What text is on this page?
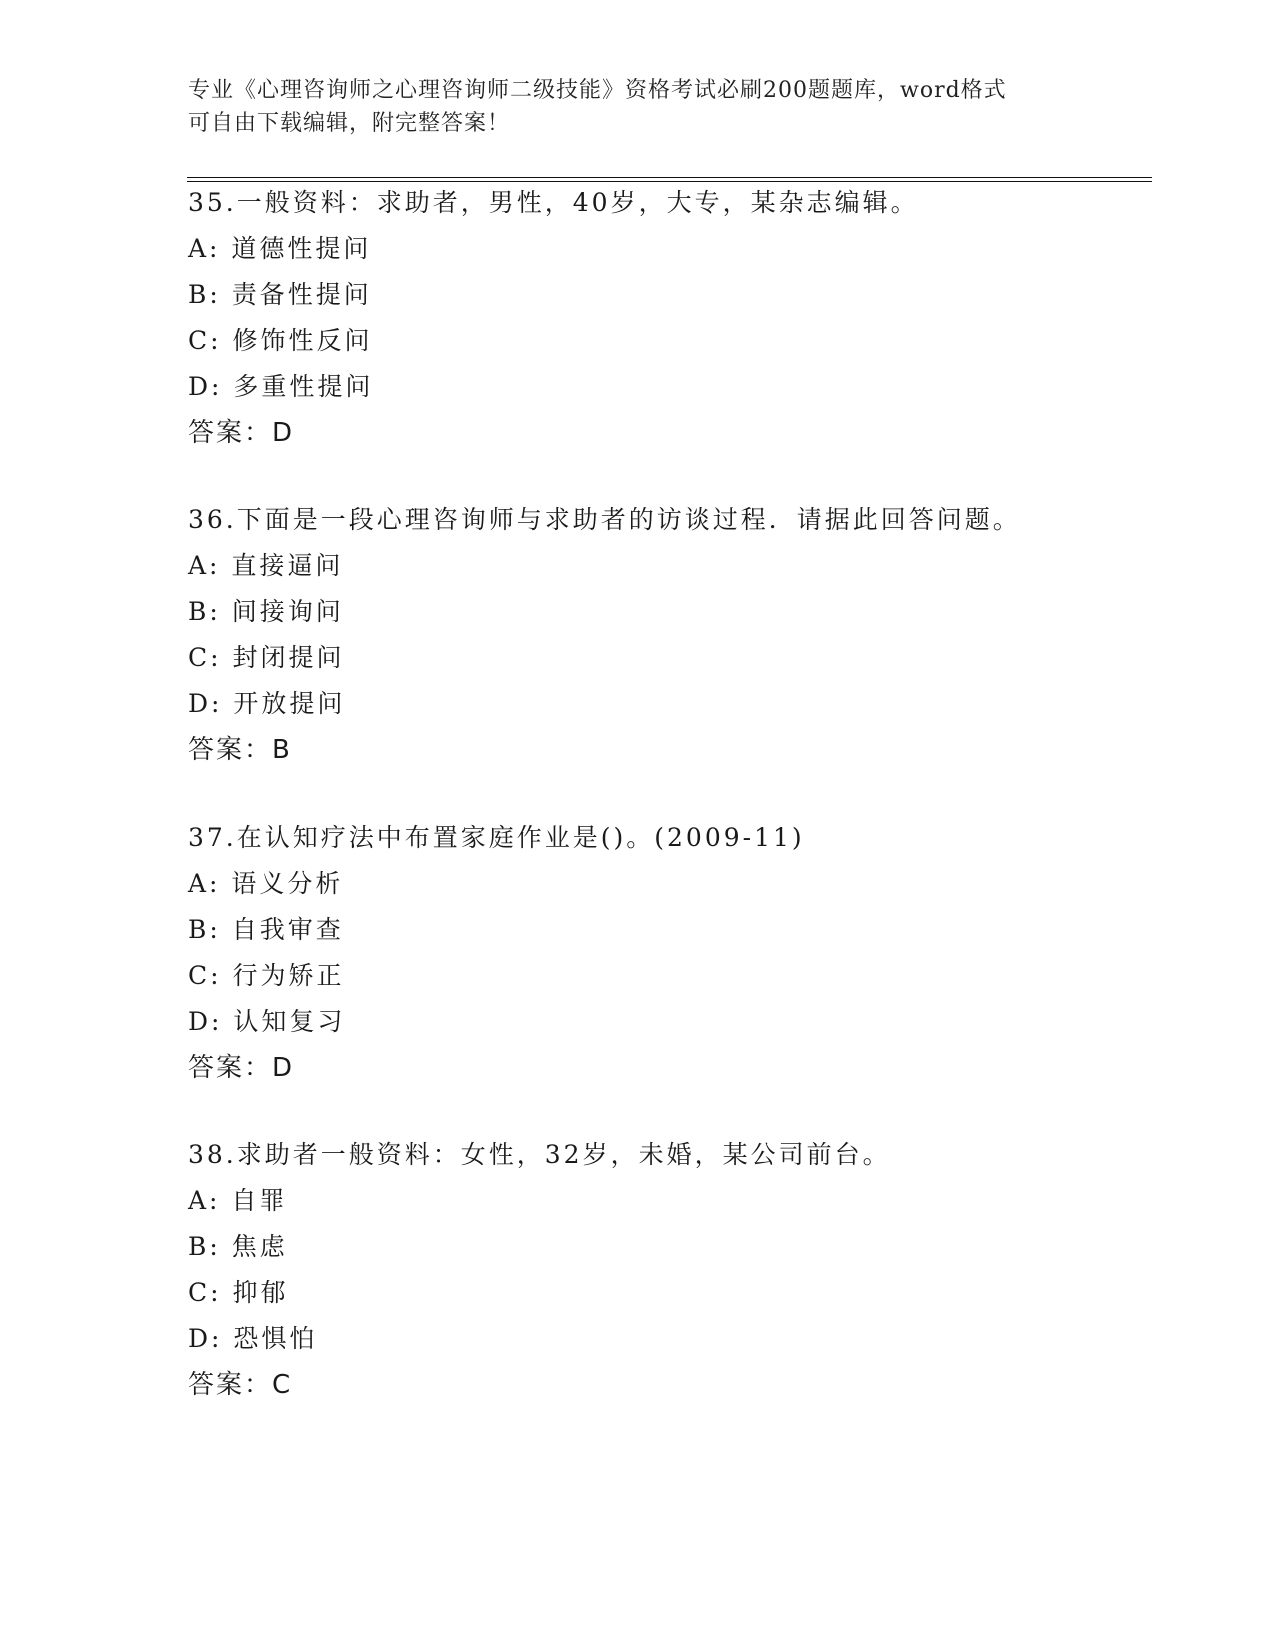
专业《心理咨询师之心理咨询师二级技能》资格考试必刷200题题库，word格式
可自由下载编辑，附完整答案！
35.一般资料：求助者，男性，40岁，大专，某杂志编辑。
A: 道德性提问
B: 责备性提问
C: 修饰性反问
D: 多重性提问
答案：D
36.下面是一段心理咨询师与求助者的访谈过程．请据此回答问题。
A: 直接逼问
B: 间接询问
C: 封闭提问
D: 开放提问
答案：B
37.在认知疗法中布置家庭作业是()。(2009-11)
A: 语义分析
B: 自我审查
C: 行为矫正
D: 认知复习
答案：D
38.求助者一般资料：女性，32岁，未婚，某公司前台。
A: 自罪
B: 焦虑
C: 抑郁
D: 恐惧怕
答案：C
